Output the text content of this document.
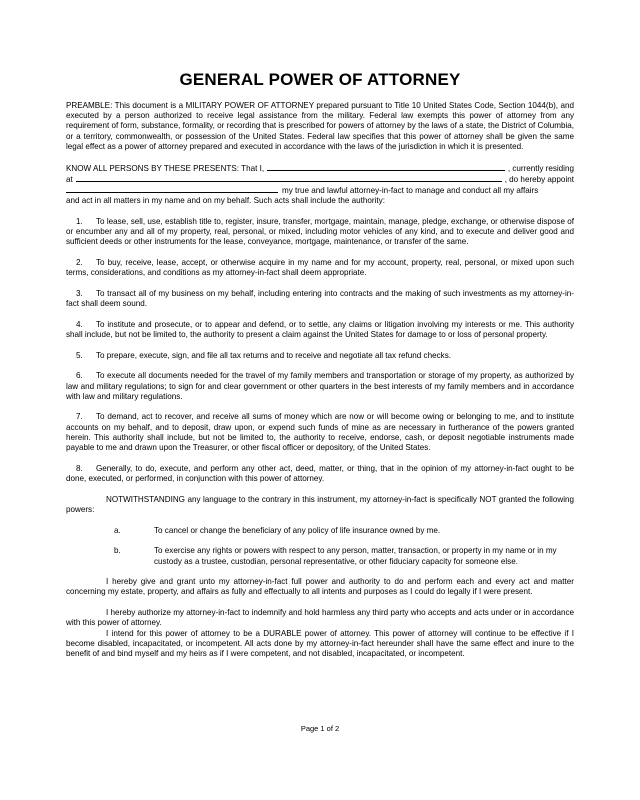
GENERAL POWER OF ATTORNEY

PREAMBLE: This document is a MILITARY POWER OF ATTORNEY prepared pursuant to Title 10 United States Code, Section 1044(b), and executed by a person authorized to receive legal assistance from the military. Federal law exempts this power of attorney from any requirement of form, substance, formality, or recording that is prescribed for powers of attorney by the laws of a state, the District of Columbia, or a territory, commonwealth, or possession of the United States. Federal law specifies that this power of attorney shall be given the same legal effect as a power of attorney prepared and executed in accordance with the laws of the jurisdiction in which it is presented.

KNOW ALL PERSONS BY THESE PRESENTS: That I,	, currently residing
at	, do hereby appoint
my true and lawful attorney-in-fact to manage and conduct all my affairs

and act in all matters in my name and on my behalf. Such acts shall include the authority:

1. To lease, sell, use, establish title to, register, insure, transfer, mortgage, maintain, manage, pledge, exchange, or otherwise dispose of or encumber any and all of my property, real, personal, or mixed, including motor vehicles of any kind, and to execute and deliver good and sufficient deeds or other instruments for the lease, conveyance, mortgage, maintenance, or transfer of the same.

2. To buy, receive, lease, accept, or otherwise acquire in my name and for my account, property, real, personal, or mixed upon such terms, considerations, and conditions as my attorney-in-fact shall deem appropriate.

3. To transact all of my business on my behalf, including entering into contracts and the making of such investments as my attorney-in-fact shall deem sound.

4. To institute and prosecute, or to appear and defend, or to settle, any claims or litigation involving my interests or me. This authority shall include, but not be limited to, the authority to present a claim against the United States for damage to or loss of personal property.

5. To prepare, execute, sign, and file all tax returns and to receive and negotiate all tax refund checks.

6. To execute all documents needed for the travel of my family members and transportation or storage of my property, as authorized by law and military regulations; to sign for and clear government or other quarters in the best interests of my family members and in accordance with law and military regulations.

7. To demand, act to recover, and receive all sums of money which are now or will become owing or belonging to me, and to institute accounts on my behalf, and to deposit, draw upon, or expend such funds of mine as are necessary in furtherance of the powers granted herein. This authority shall include, but not be limited to, the authority to receive, endorse, cash, or deposit negotiable instruments made payable to me and drawn upon the Treasurer, or other fiscal officer or depository, of the United States.

8. Generally, to do, execute, and perform any other act, deed, matter, or thing, that in the opinion of my attorney-in-fact ought to be done, executed, or performed, in conjunction with this power of attorney.

NOTWITHSTANDING any language to the contrary in this instrument, my attorney-in-fact is specifically NOT granted the following powers:

a.	To cancel or change the beneficiary of any policy of life insurance owned by me.
b.	To exercise any rights or powers with respect to any person, matter, transaction, or property in my name or in my custody as a trustee, custodian, personal representative, or other fiduciary capacity for someone else.

I hereby give and grant unto my attorney-in-fact full power and authority to do and perform each and every act and matter concerning my estate, property, and affairs as fully and effectually to all intents and purposes as I could do legally if I were present.

I hereby authorize my attorney-in-fact to indemnify and hold harmless any third party who accepts and acts under or in accordance with this power of attorney.

I intend for this power of attorney to be a DURABLE power of attorney. This power of attorney will continue to be effective if I become disabled, incapacitated, or incompetent. All acts done by my attorney-in-fact hereunder shall have the same effect and inure to the benefit of and bind myself and my heirs as if I were competent, and not disabled, incapacitated, or incompetent.

Page 1 of 2
